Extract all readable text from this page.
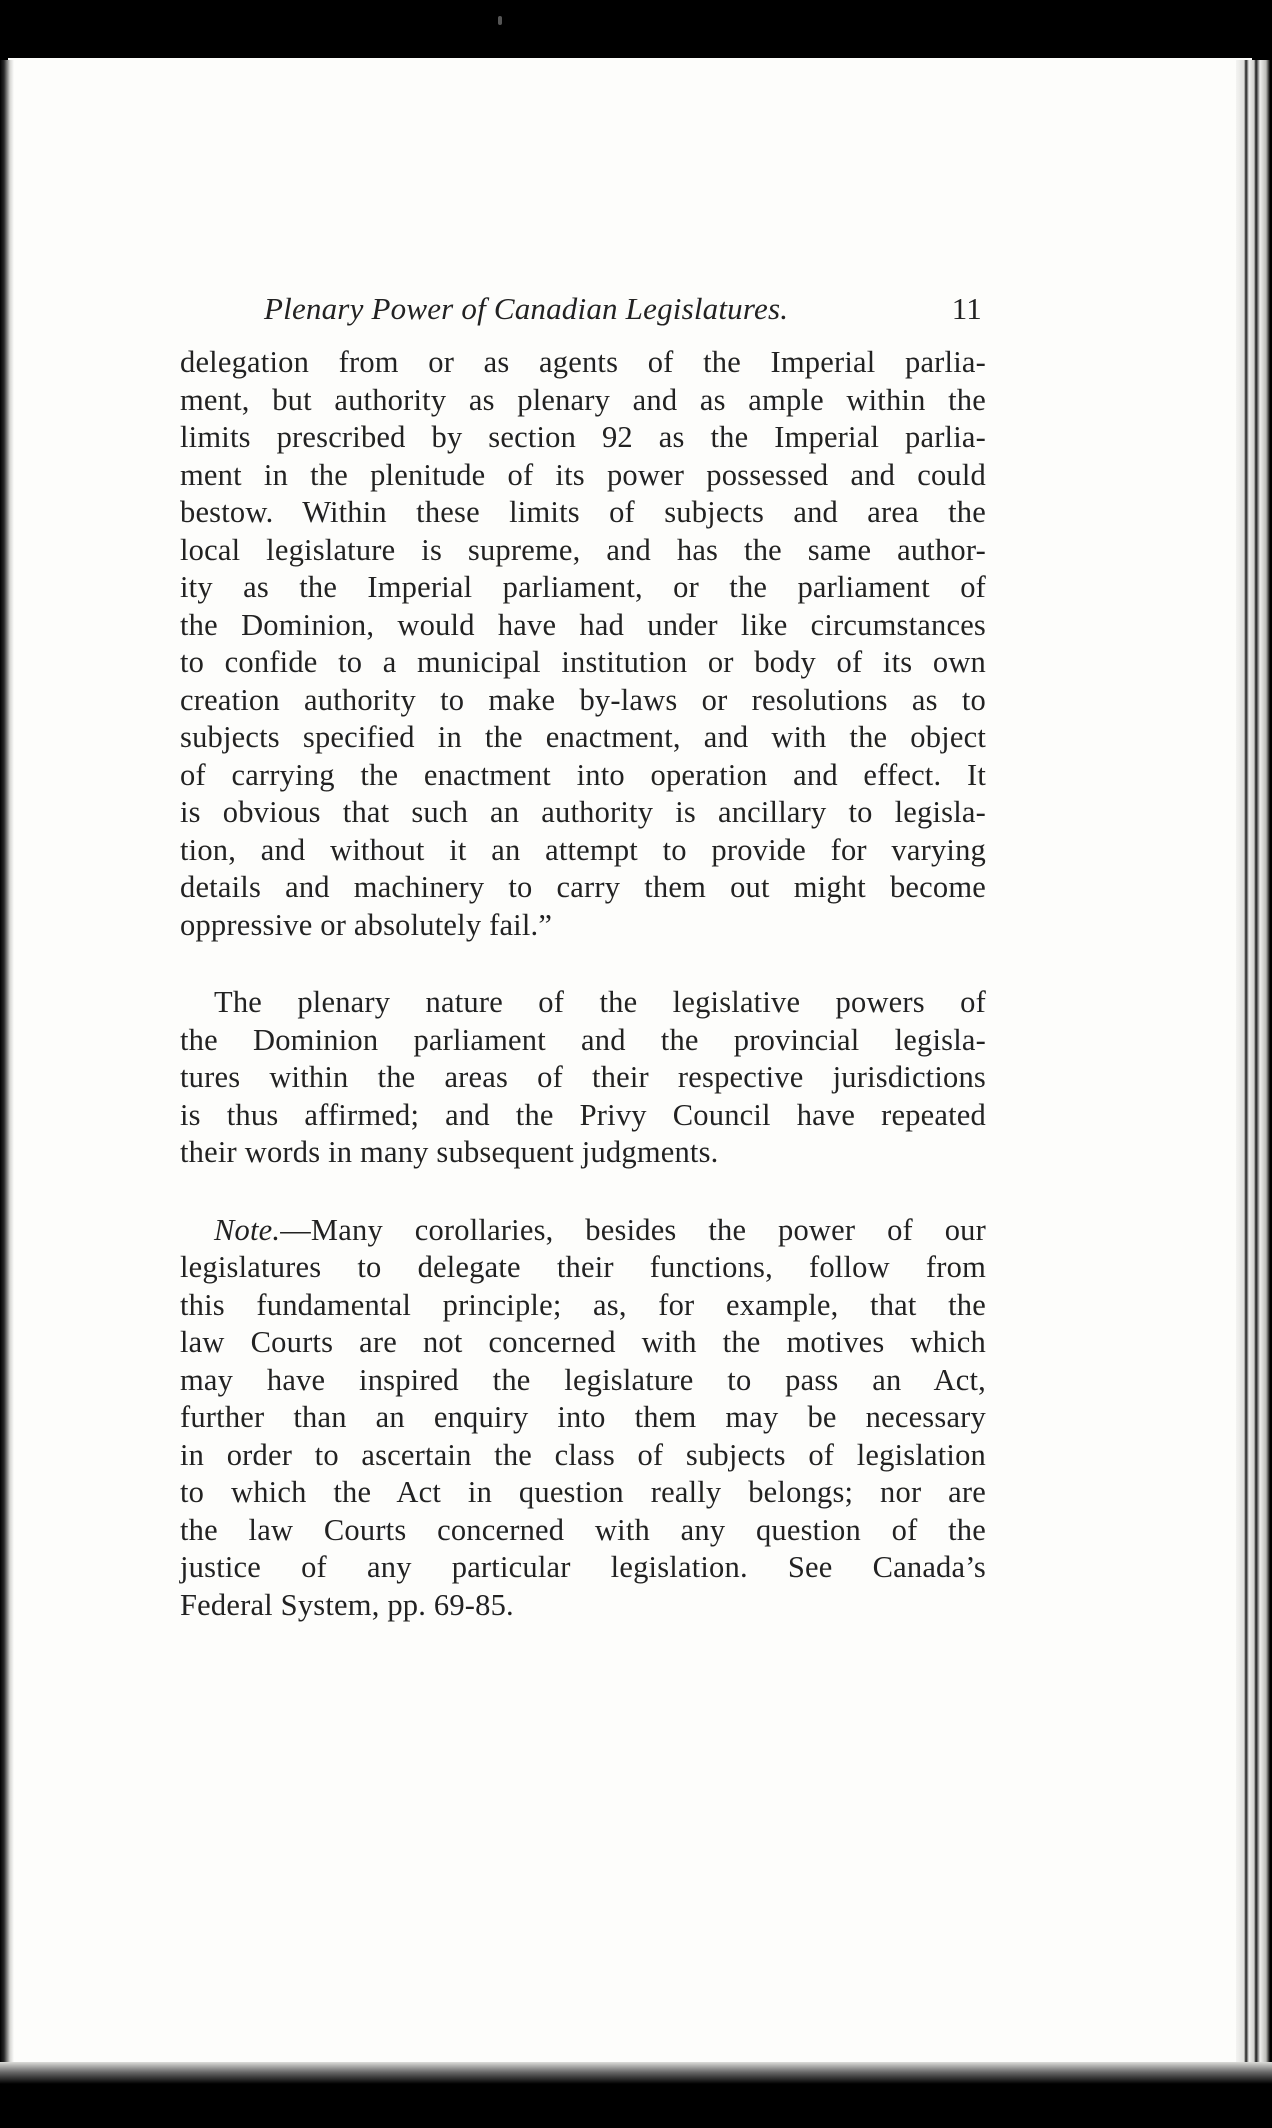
Plenary Power of Canadian Legislatures.	11
delegation from or as agents of the Imperial parlia-
ment, but authority as plenary and as ample within the
limits prescribed by section 92 as the Imperial parlia-
ment in the plenitude of its power possessed and could
bestow. Within these limits of subjects and area the
local legislature is supreme, and has the same author-
ity as the Imperial parliament, or the parliament of
the Dominion, would have had under like circumstances
to confide to a municipal institution or body of its own
creation authority to make by-laws or resolutions as to
subjects specified in the enactment, and with the object
of carrying the enactment into operation and effect. It
is obvious that such an authority is ancillary to legisla-
tion, and without it an attempt to provide for varying
details and machinery to carry them out might become
oppressive or absolutely fail.”
The plenary nature of the legislative powers of
the Dominion parliament and the provincial legisla-
tures within the areas of their respective jurisdictions
is thus affirmed; and the Privy Council have repeated
their words in many subsequent judgments.
Note.—Many corollaries, besides the power of our
legislatures to delegate their functions, follow from
this fundamental principle; as, for example, that the
law Courts are not concerned with the motives which
may have inspired the legislature to pass an Act,
further than an enquiry into them may be necessary
in order to ascertain the class of subjects of legislation
to which the Act in question really belongs; nor are
the law Courts concerned with any question of the
justice of any particular legislation. See Canada’s
Federal System, pp. 69-85.
